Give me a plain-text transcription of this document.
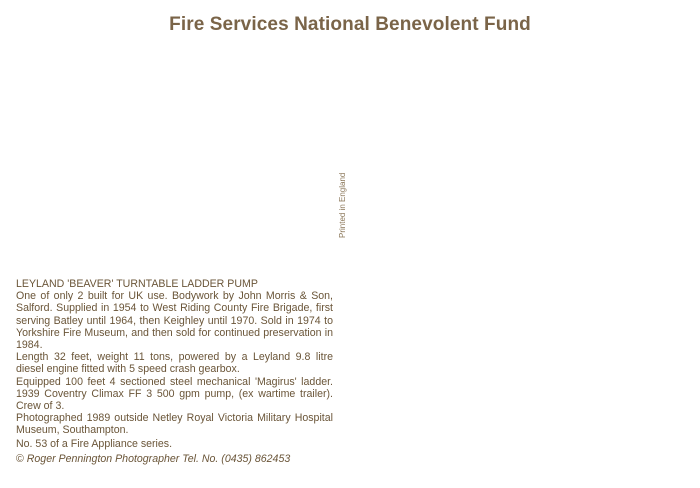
Fire Services National Benevolent Fund
Printed in England

LEYLAND 'BEAVER' TURNTABLE LADDER PUMP

One of only 2 built for UK use. Bodywork by John Morris & Son, Salford. Supplied in 1954 to West Riding County Fire Brigade, first serving Batley until 1964, then Keighley until 1970. Sold in 1974 to Yorkshire Fire Museum, and then sold for continued preservation in 1984.

Length 32 feet, weight 11 tons, powered by a Leyland 9.8 litre diesel engine fitted with 5 speed crash gearbox.

Equipped 100 feet 4 sectioned steel mechanical 'Magirus' ladder. 1939 Coventry Climax FF 3 500 gpm pump, (ex wartime trailer). Crew of 3.

Photographed 1989 outside Netley Royal Victoria Military Hospital Museum, Southampton.

No. 53 of a Fire Appliance series.

© Roger Pennington Photographer Tel. No. (0435) 862453
